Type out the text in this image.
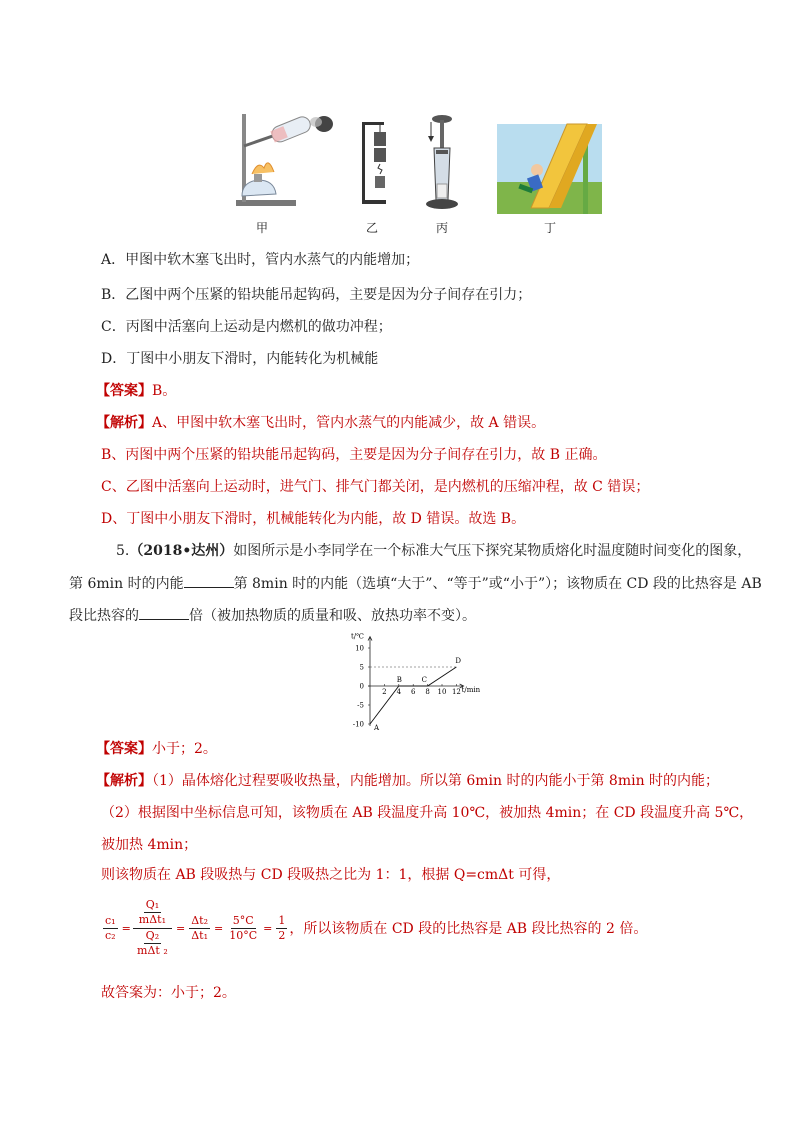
甲	乙	丙	丁
A．甲图中软木塞飞出时，管内水蒸气的内能增加；
B．乙图中两个压紧的铅块能吊起钩码，主要是因为分子间存在引力；
C．丙图中活塞向上运动是内燃机的做功冲程；
D．丁图中小朋友下滑时，内能转化为机械能
【答案】B。
【解析】A、甲图中软木塞飞出时，管内水蒸气的内能减少，故 A 错误。
B、丙图中两个压紧的铅块能吊起钩码，主要是因为分子间存在引力，故 B 正确。
C、乙图中活塞向上运动时，进气门、排气门都关闭，是内燃机的压缩冲程，故 C 错误；
D、丁图中小朋友下滑时，机械能转化为内能，故 D 错误。故选 B。
5.（2018•达州）如图所示是小李同学在一个标准大气压下探究某物质熔化时温度随时间变化的图象，
第 6min 时的内能	第 8min 时的内能（选填“大于”、“等于”或“小于”）；该物质在 CD 段的比热容是 AB
段比热容的	倍（被加热物质的质量和吸、放热功率不变）。
t/℃
t/min
-10
-5
0
5
10
2 4 6 8 10 12
A
B	C
D
【答案】小于；2。
【解析】（1）晶体熔化过程要吸收热量，内能增加。所以第 6min 时的内能小于第 8min 时的内能；
（2）根据图中坐标信息可知，该物质在 AB 段温度升高 10℃，被加热 4min；在 CD 段温度升高 5℃，
被加热 4min；
则该物质在 AB 段吸热与 CD 段吸热之比为 1：1，根据 Q=cmΔt 可得，
$\frac{\text{c₁}}{\text{c₂}}$ =
$\frac{\text{Q₁}}{\text{mΔt₁}}$
$\frac{\text{Q₂}}{\text{mΔt ₂}}$
= $\frac{\text{Δt₂}}{\text{Δt₁}} = \frac{5^\circ C}{10^\circ C} = \frac{1}{2}$ ，所以该物质在 CD 段的比热容是 AB 段比热容的 2 倍。
故答案为：小于；2。
